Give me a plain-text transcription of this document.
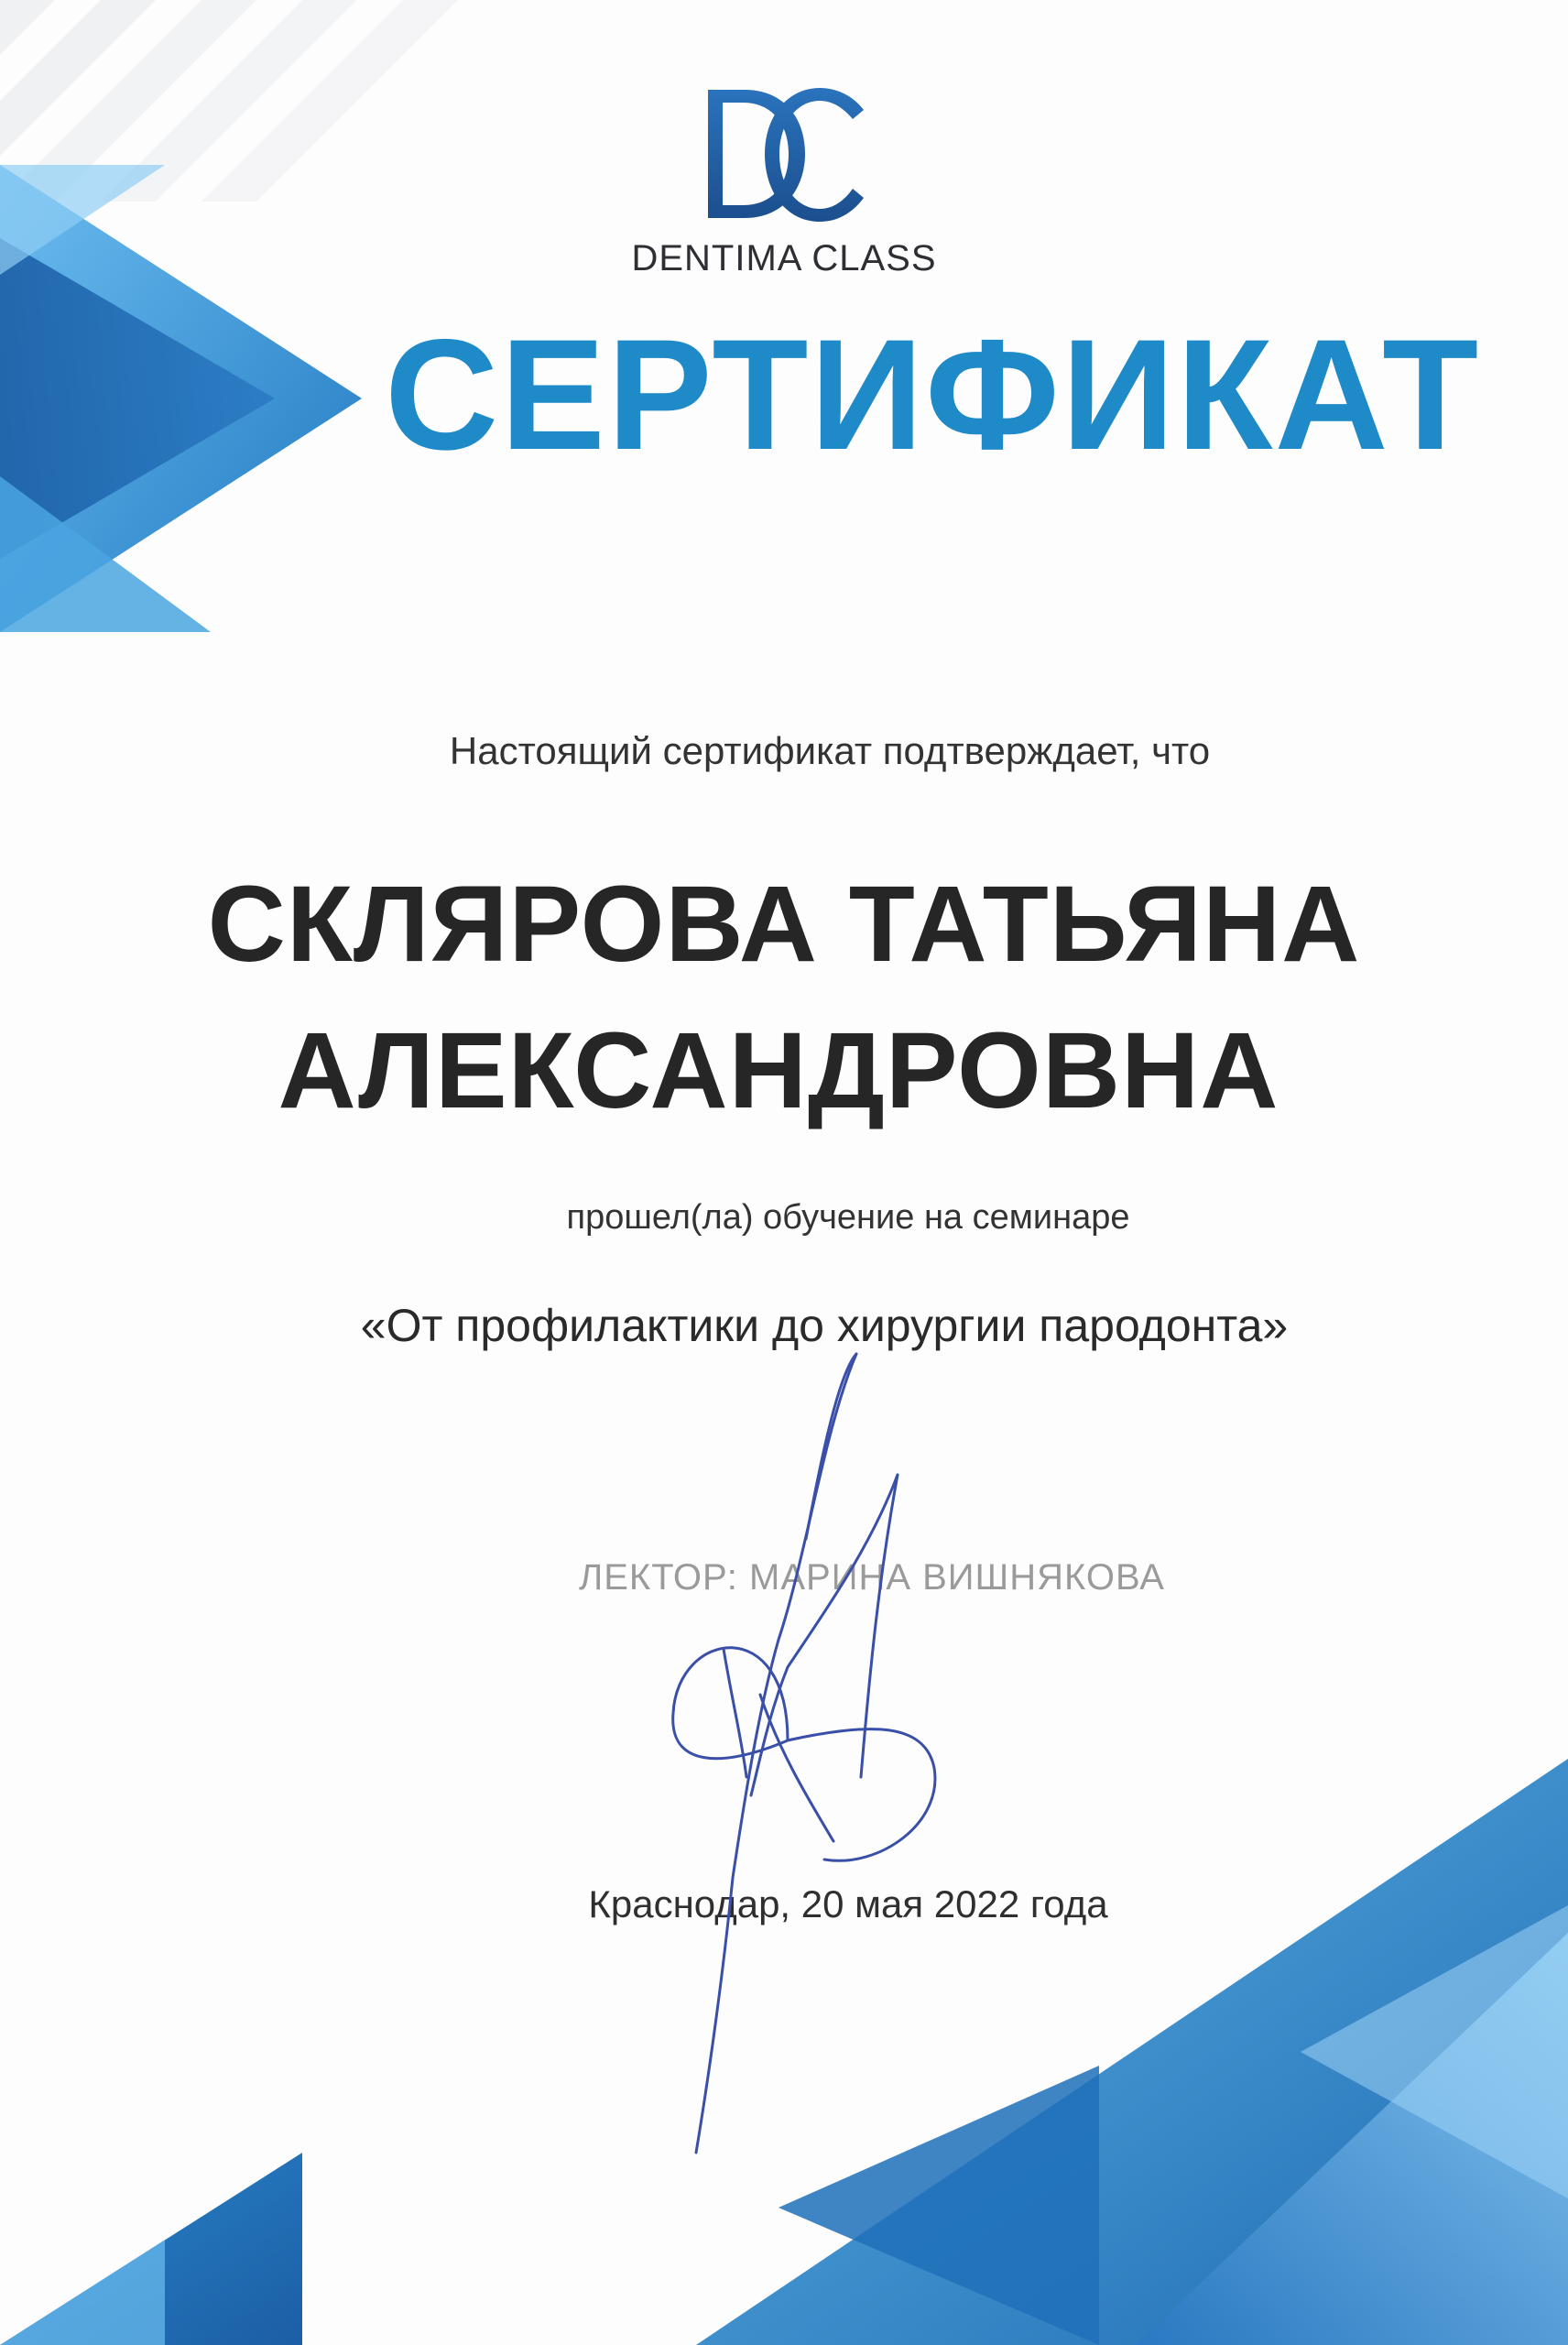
DENTIMA CLASS
СЕРТИФИКАТ
Настоящий сертификат подтверждает, что
СКЛЯРОВА ТАТЬЯНА
АЛЕКСАНДРОВНА
прошел(ла) обучение на семинаре
«От профилактики до хирургии пародонта»
ЛЕКТОР: МАРИНА ВИШНЯКОВА
Краснодар, 20 мая 2022 года
